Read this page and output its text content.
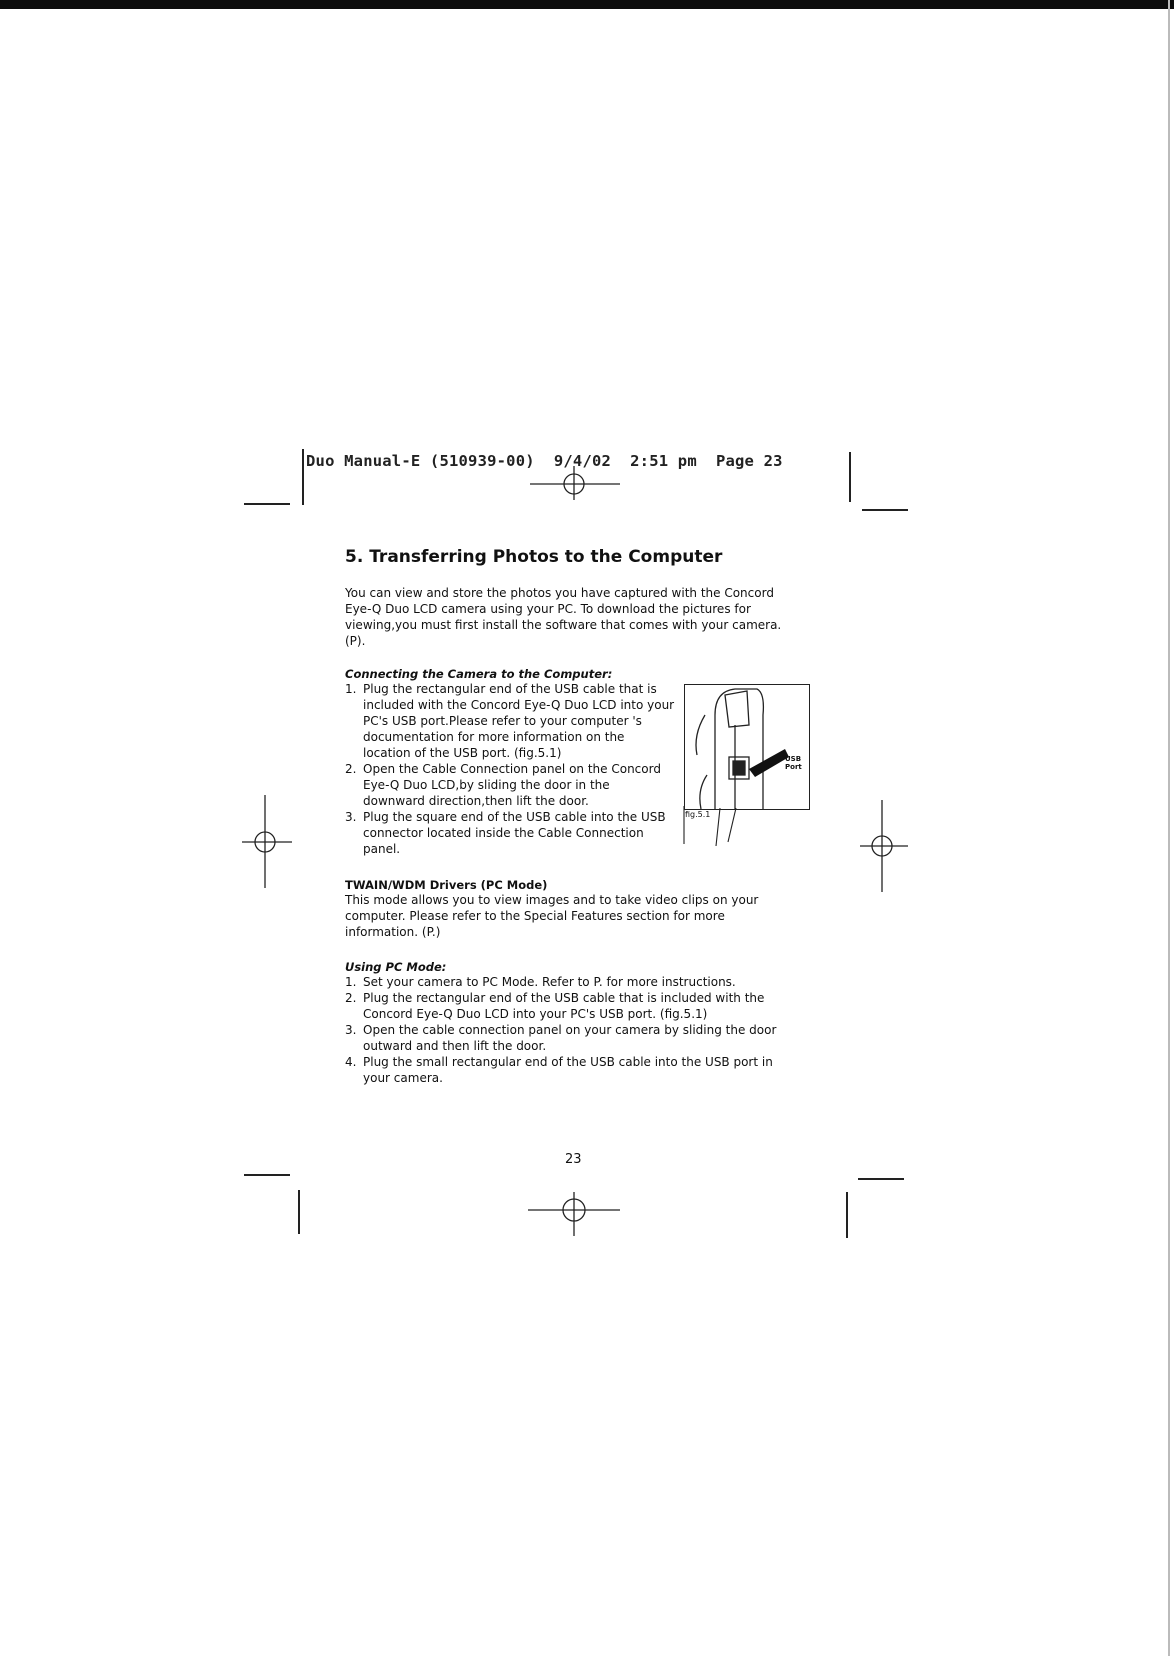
Duo Manual-E (510939-00) 9/4/02 2:51 pm Page 23
5. Transferring Photos to the Computer
You can view and store the photos you have captured with the Concord Eye-Q Duo LCD camera using your PC. To download the pictures for viewing,you must first install the software that comes with your camera. (P).
Connecting the Camera to the Computer:
1. Plug the rectangular end of the USB cable that is included with the Concord Eye-Q Duo LCD into your PC's USB port.Please refer to your computer 's documentation for more information on the location of the USB port. (fig.5.1)
2. Open the Cable Connection panel on the Concord Eye-Q Duo LCD,by sliding the door in the downward direction,then lift the door.
3. Plug the square end of the USB cable into the USB connector located inside the Cable Connection panel.
USB
Port
fig.5.1
TWAIN/WDM Drivers (PC Mode)
This mode allows you to view images and to take video clips on your computer. Please refer to the Special Features section for more information. (P.)
Using PC Mode:
1. Set your camera to PC Mode. Refer to P. for more instructions.
2. Plug the rectangular end of the USB cable that is included with the Concord Eye-Q Duo LCD into your PC's USB port. (fig.5.1)
3. Open the cable connection panel on your camera by sliding the door outward and then lift the door.
4. Plug the small rectangular end of the USB cable into the USB port in your camera.
23
